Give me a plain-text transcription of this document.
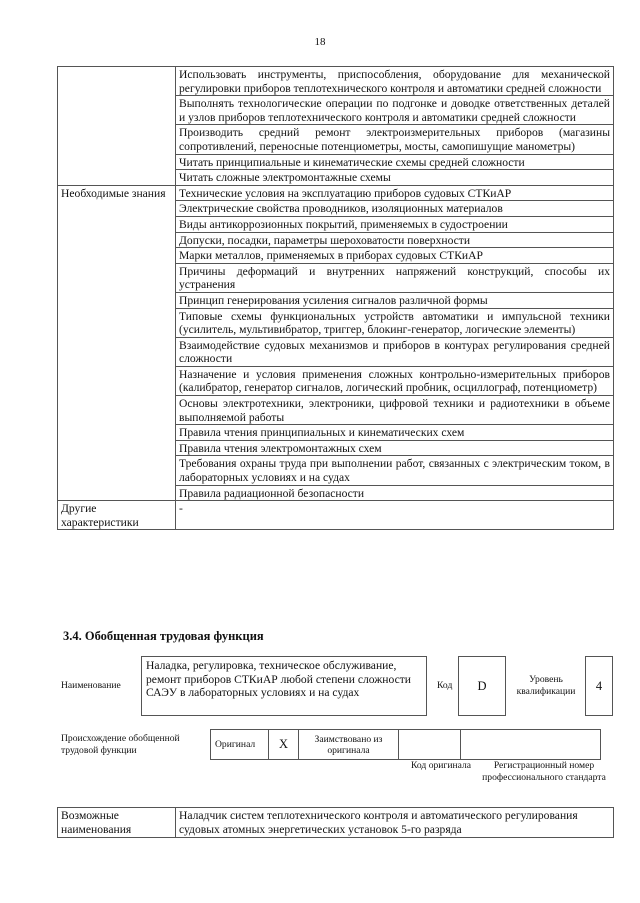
18
	Использовать инструменты, приспособления, оборудование для механической регулировки приборов теплотехнического контроля и автоматики средней сложности
	Выполнять технологические операции по подгонке и доводке ответственных деталей и узлов приборов теплотехнического контроля и автоматики средней сложности
	Производить средний ремонт электроизмерительных приборов (магазины сопротивлений, переносные потенциометры, мосты, самопишущие манометры)
	Читать принципиальные и кинематические схемы средней сложности
	Читать сложные электромонтажные схемы
Необходимые знания	Технические условия на эксплуатацию приборов судовых СТКиАР
	Электрические свойства проводников, изоляционных материалов
	Виды антикоррозионных покрытий, применяемых в судостроении
	Допуски, посадки, параметры шероховатости поверхности
	Марки металлов, применяемых в приборах судовых СТКиАР
	Причины деформаций и внутренних напряжений конструкций, способы их устранения
	Принцип генерирования усиления сигналов различной формы
	Типовые схемы функциональных устройств автоматики и импульсной техники (усилитель, мультивибратор, триггер, блокинг-генератор, логические элементы)
	Взаимодействие судовых механизмов и приборов в контурах регулирования средней сложности
	Назначение и условия применения сложных контрольно-измерительных приборов (калибратор, генератор сигналов, логический пробник, осциллограф, потенциометр)
	Основы электротехники, электроники, цифровой техники и радиотехники в объеме выполняемой работы
	Правила чтения принципиальных и кинематических схем
	Правила чтения электромонтажных схем
	Требования охраны труда при выполнении работ, связанных с электрическим током, в лабораторных условиях и на судах
	Правила радиационной безопасности
Другие характеристики	-
3.4. Обобщенная трудовая функция
Наименование
Наладка, регулировка, техническое обслуживание, ремонт приборов СТКиАР любой степени сложности САЭУ в лабораторных условиях и на судах
Код	D	Уровень квалификации	4
Происхождение обобщенной трудовой функции	Оригинал	X	Заимствовано из оригинала		
Код оригинала	Регистрационный номер профессионального стандарта
Возможные наименования	Наладчик систем теплотехнического контроля и автоматического регулирования судовых атомных энергетических установок 5-го разряда
